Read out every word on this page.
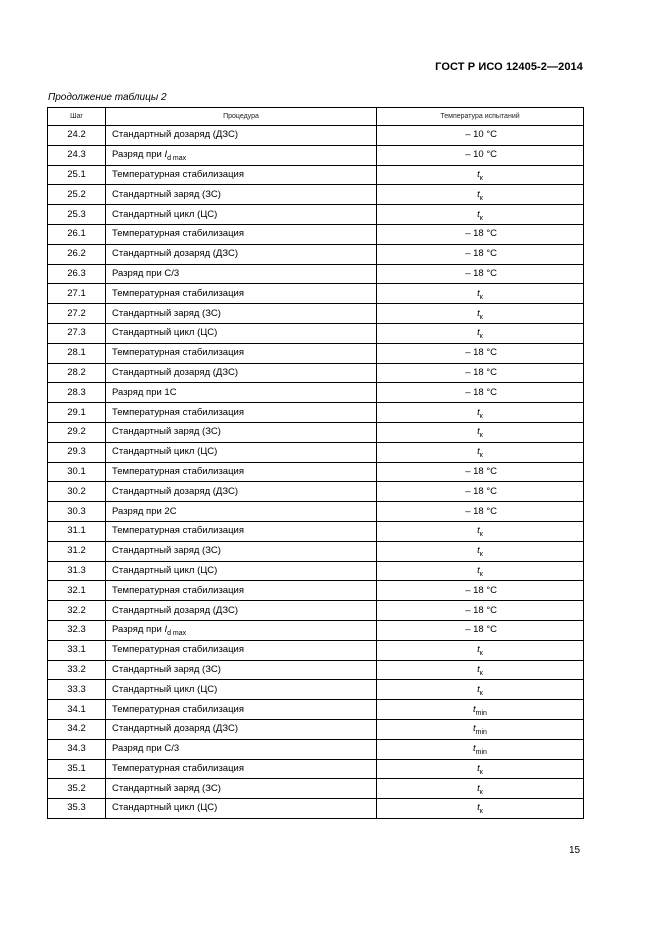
ГОСТ Р ИСО 12405-2—2014
Продолжение таблицы 2
Шаг	Процедура	Температура испытаний
24.2	Стандартный дозаряд (ДЗС)	– 10 °С
24.3	Разряд при $I_{d max}$	– 10 °С
25.1	Температурная стабилизация	$t_к$
25.2	Стандартный заряд (ЗС)	$t_к$
25.3	Стандартный цикл (ЦС)	$t_к$
26.1	Температурная стабилизация	– 18 °С
26.2	Стандартный дозаряд (ДЗС)	– 18 °С
26.3	Разряд при С/3	– 18 °С
27.1	Температурная стабилизация	$t_к$
27.2	Стандартный заряд (ЗС)	$t_к$
27.3	Стандартный цикл (ЦС)	$t_к$
28.1	Температурная стабилизация	– 18 °С
28.2	Стандартный дозаряд (ДЗС)	– 18 °С
28.3	Разряд при 1С	– 18 °С
29.1	Температурная стабилизация	$t_к$
29.2	Стандартный заряд (ЗС)	$t_к$
29.3	Стандартный цикл (ЦС)	$t_к$
30.1	Температурная стабилизация	– 18 °С
30.2	Стандартный дозаряд (ДЗС)	– 18 °С
30.3	Разряд при 2С	– 18 °С
31.1	Температурная стабилизация	$t_к$
31.2	Стандартный заряд (ЗС)	$t_к$
31.3	Стандартный цикл (ЦС)	$t_к$
32.1	Температурная стабилизация	– 18 °С
32.2	Стандартный дозаряд (ДЗС)	– 18 °С
32.3	Разряд при $I_{d max}$	– 18 °С
33.1	Температурная стабилизация	$t_к$
33.2	Стандартный заряд (ЗС)	$t_к$
33.3	Стандартный цикл (ЦС)	$t_к$
34.1	Температурная стабилизация	$t_{min}$
34.2	Стандартный дозаряд (ДЗС)	$t_{min}$
34.3	Разряд при С/3	$t_{min}$
35.1	Температурная стабилизация	$t_к$
35.2	Стандартный заряд (ЗС)	$t_к$
35.3	Стандартный цикл (ЦС)	$t_к$
15
